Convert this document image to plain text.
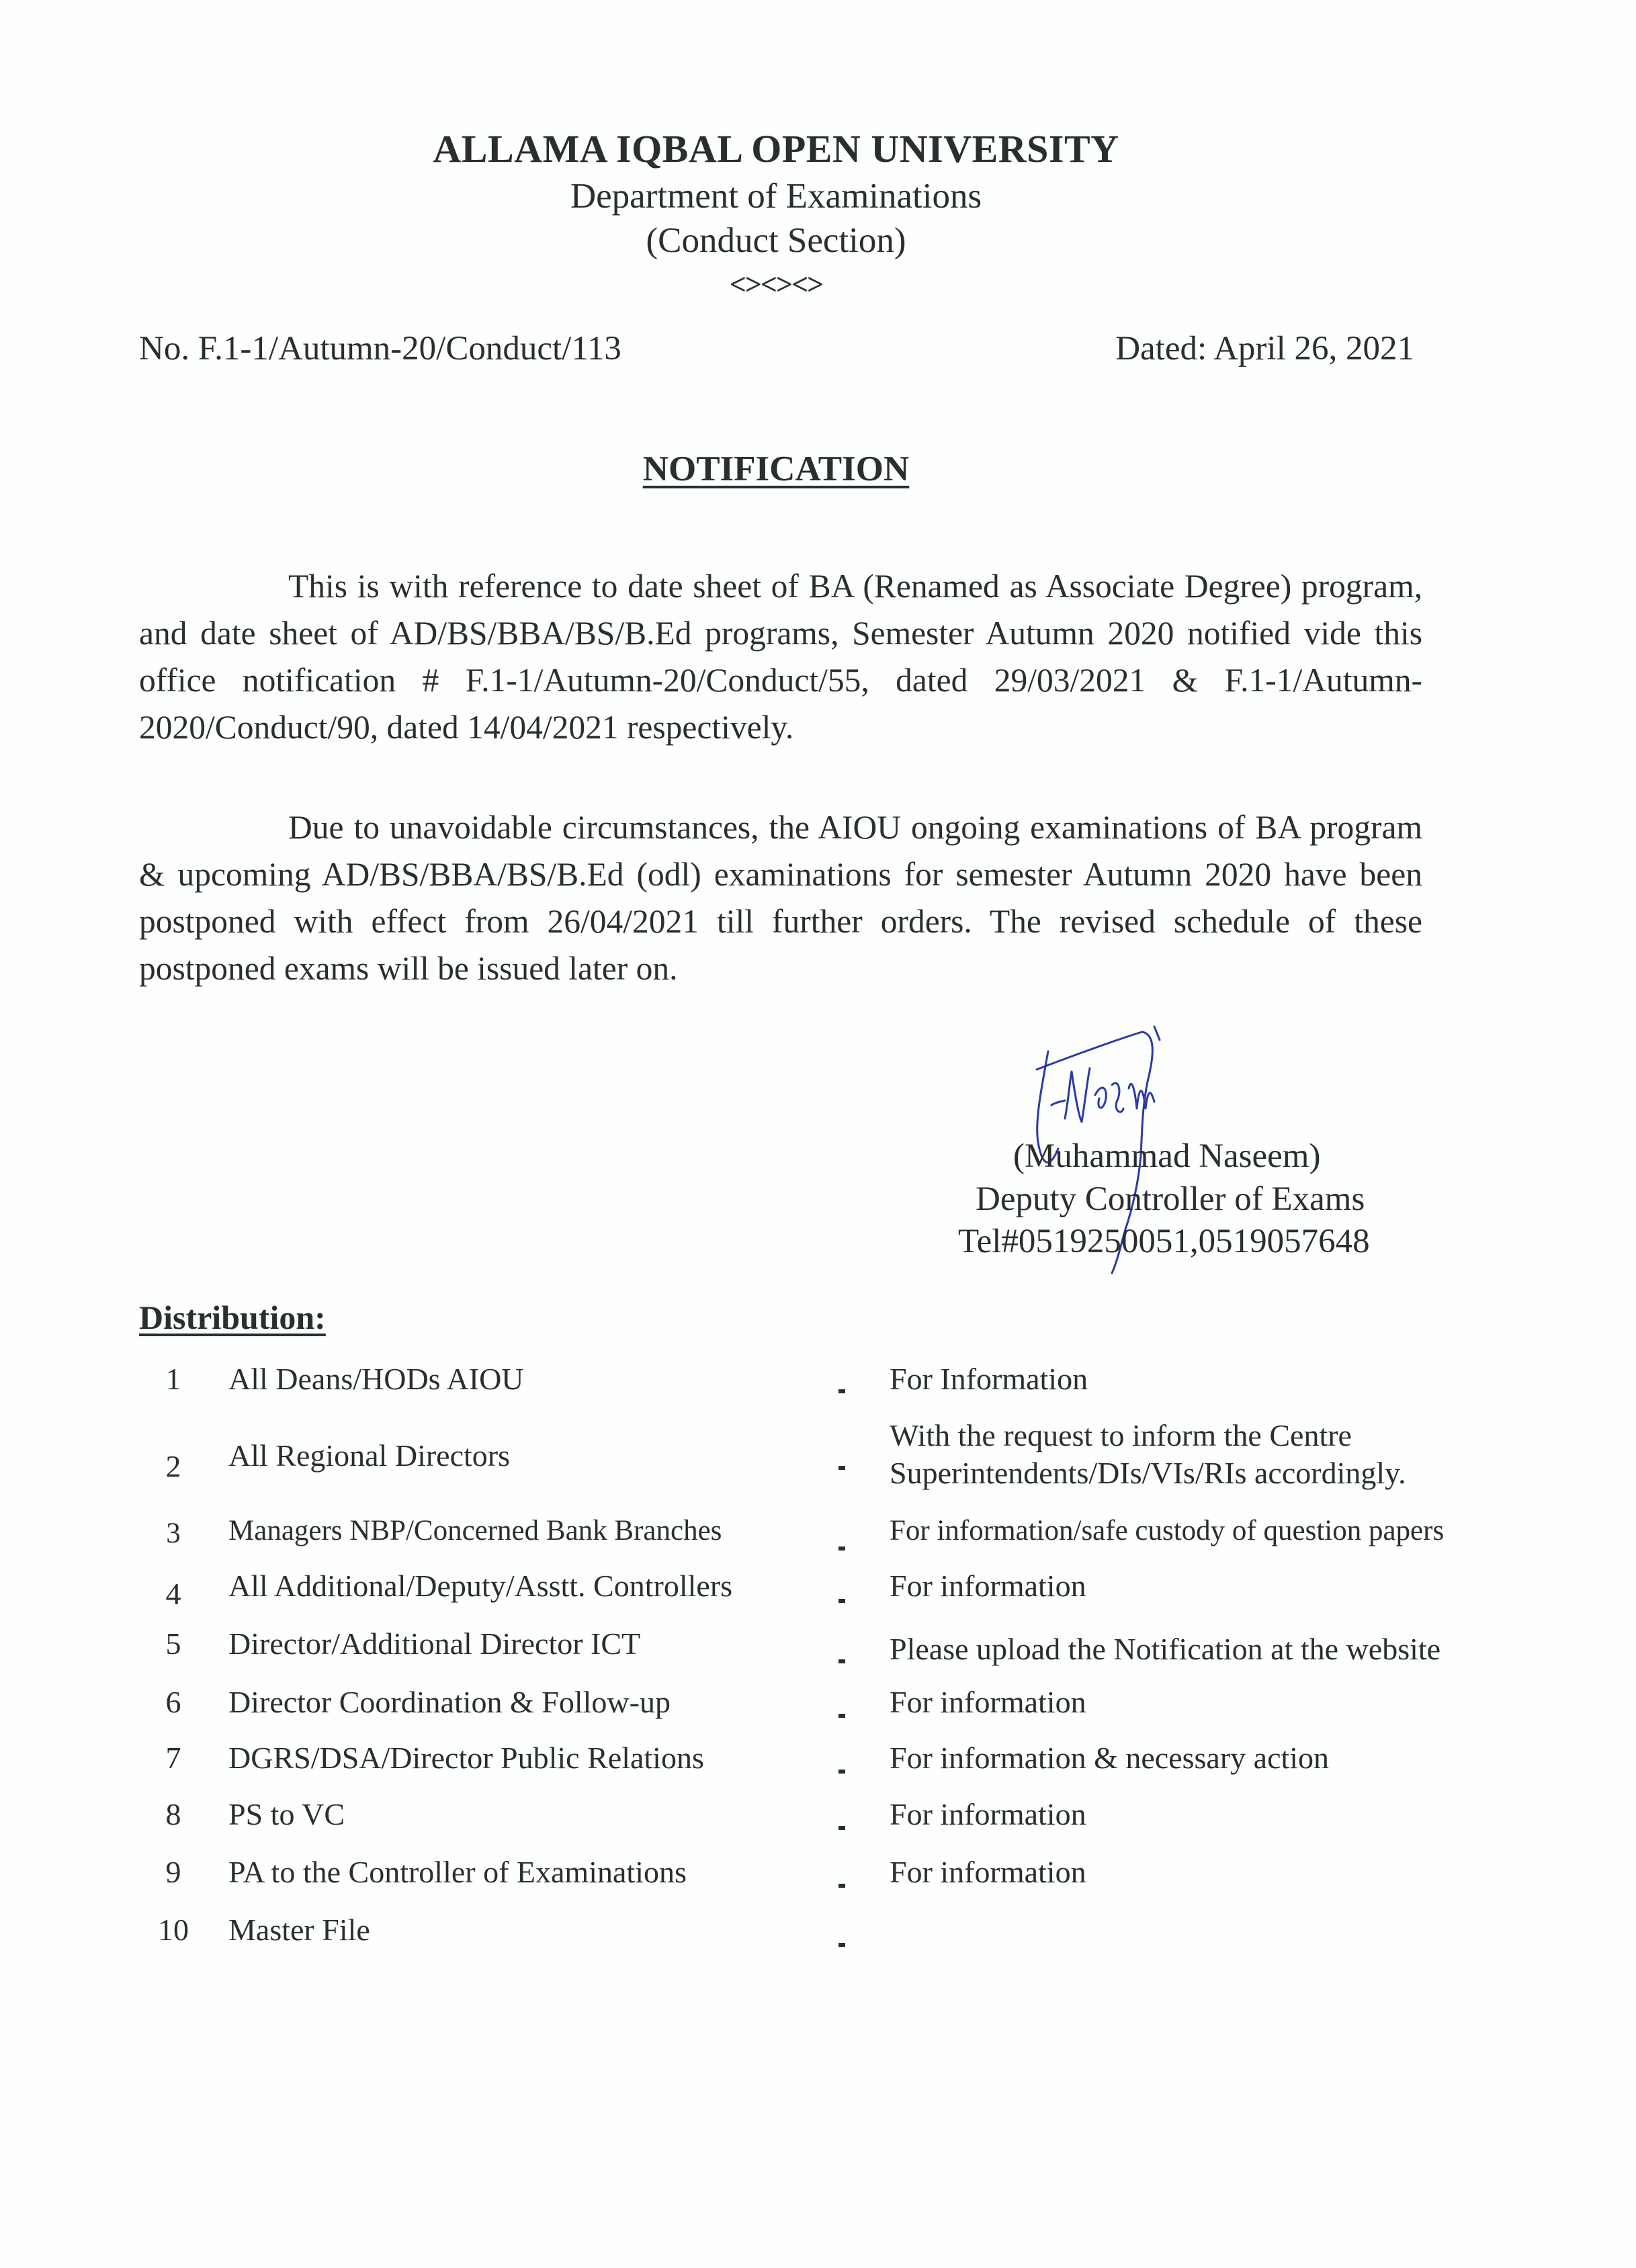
ALLAMA IQBAL OPEN UNIVERSITY
Department of Examinations
(Conduct Section)
<><><>
No. F.1-1/Autumn-20/Conduct/113	Dated: April 26, 2021
NOTIFICATION
This is with reference to date sheet of BA (Renamed as Associate Degree) program, and date sheet of AD/BS/BBA/BS/B.Ed programs, Semester Autumn 2020 notified vide this office notification # F.1-1/Autumn-20/Conduct/55, dated 29/03/2021 & F.1-1/Autumn-2020/Conduct/90, dated 14/04/2021 respectively.
Due to unavoidable circumstances, the AIOU ongoing examinations of BA program & upcoming AD/BS/BBA/BS/B.Ed (odl) examinations for semester Autumn 2020 have been postponed with effect from 26/04/2021 till further orders. The revised schedule of these postponed exams will be issued later on.
(Muhammad Naseem)
Deputy Controller of Exams
Tel#0519250051,0519057648
Distribution:
1	All Deans/HODs AIOU	For Information
2	All Regional Directors
With the request to inform the Centre
Superintendents/DIs/VIs/RIs accordingly.
3	Managers NBP/Concerned Bank Branches	For information/safe custody of question papers
4	All Additional/Deputy/Asstt. Controllers	For information
5	Director/Additional Director ICT	Please upload the Notification at the website
6	Director Coordination & Follow-up	For information
7	DGRS/DSA/Director Public Relations	For information & necessary action
8	PS to VC	For information
9	PA to the Controller of Examinations	For information
10 Master File
